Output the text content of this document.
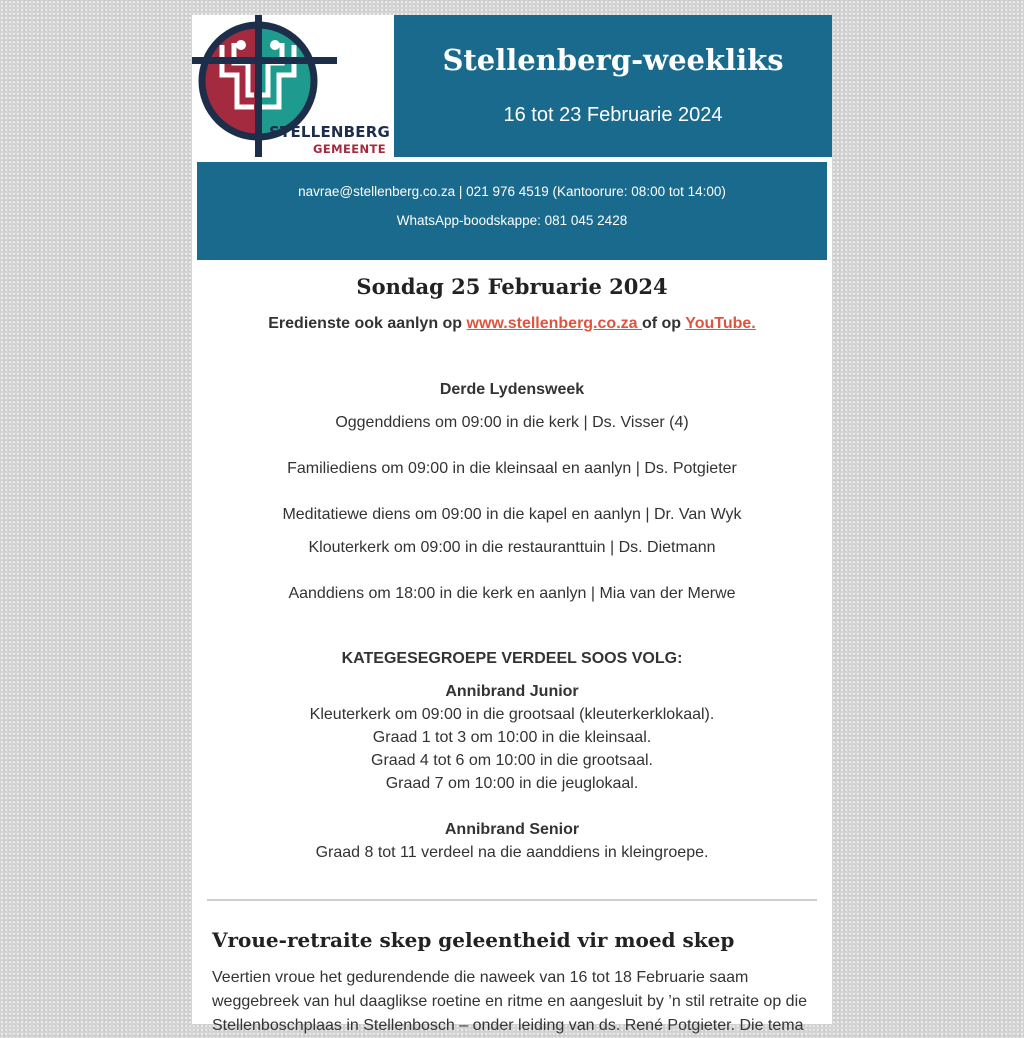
STELLENBERG
GEMEENTE
Stellenberg-weekliks
16 tot 23 Februarie 2024
navrae@stellenberg.co.za | 021 976 4519 (Kantoorure: 08:00 tot 14:00)
WhatsApp-boodskappe: 081 045 2428
Sondag 25 Februarie 2024
Eredienste ook aanlyn op www.stellenberg.co.za of op YouTube.
Derde Lydensweek
Oggenddiens om 09:00 in die kerk | Ds. Visser (4)
Familiediens om 09:00 in die kleinsaal en aanlyn | Ds. Potgieter
Meditatiewe diens om 09:00 in die kapel en aanlyn | Dr. Van Wyk
Klouterkerk om 09:00 in die restauranttuin | Ds. Dietmann
Aanddiens om 18:00 in die kerk en aanlyn | Mia van der Merwe
KATEGESEGROEPE VERDEEL SOOS VOLG:
Annibrand Junior
Kleuterkerk om 09:00 in die grootsaal (kleuterkerklokaal).
Graad 1 tot 3 om 10:00 in die kleinsaal.
Graad 4 tot 6 om 10:00 in die grootsaal.
Graad 7 om 10:00 in die jeuglokaal.
Annibrand Senior
Graad 8 tot 11 verdeel na die aanddiens in kleingroepe.
Vroue-retraite skep geleentheid vir moed skep
Veertien vroue het gedurendende die naweek van 16 tot 18 Februarie saam weggebreek van hul daaglikse roetine en ritme en aangesluit by ’n stil retraite op die Stellenboschplaas in Stellenbosch – onder leiding van ds. René Potgieter. Die tema
